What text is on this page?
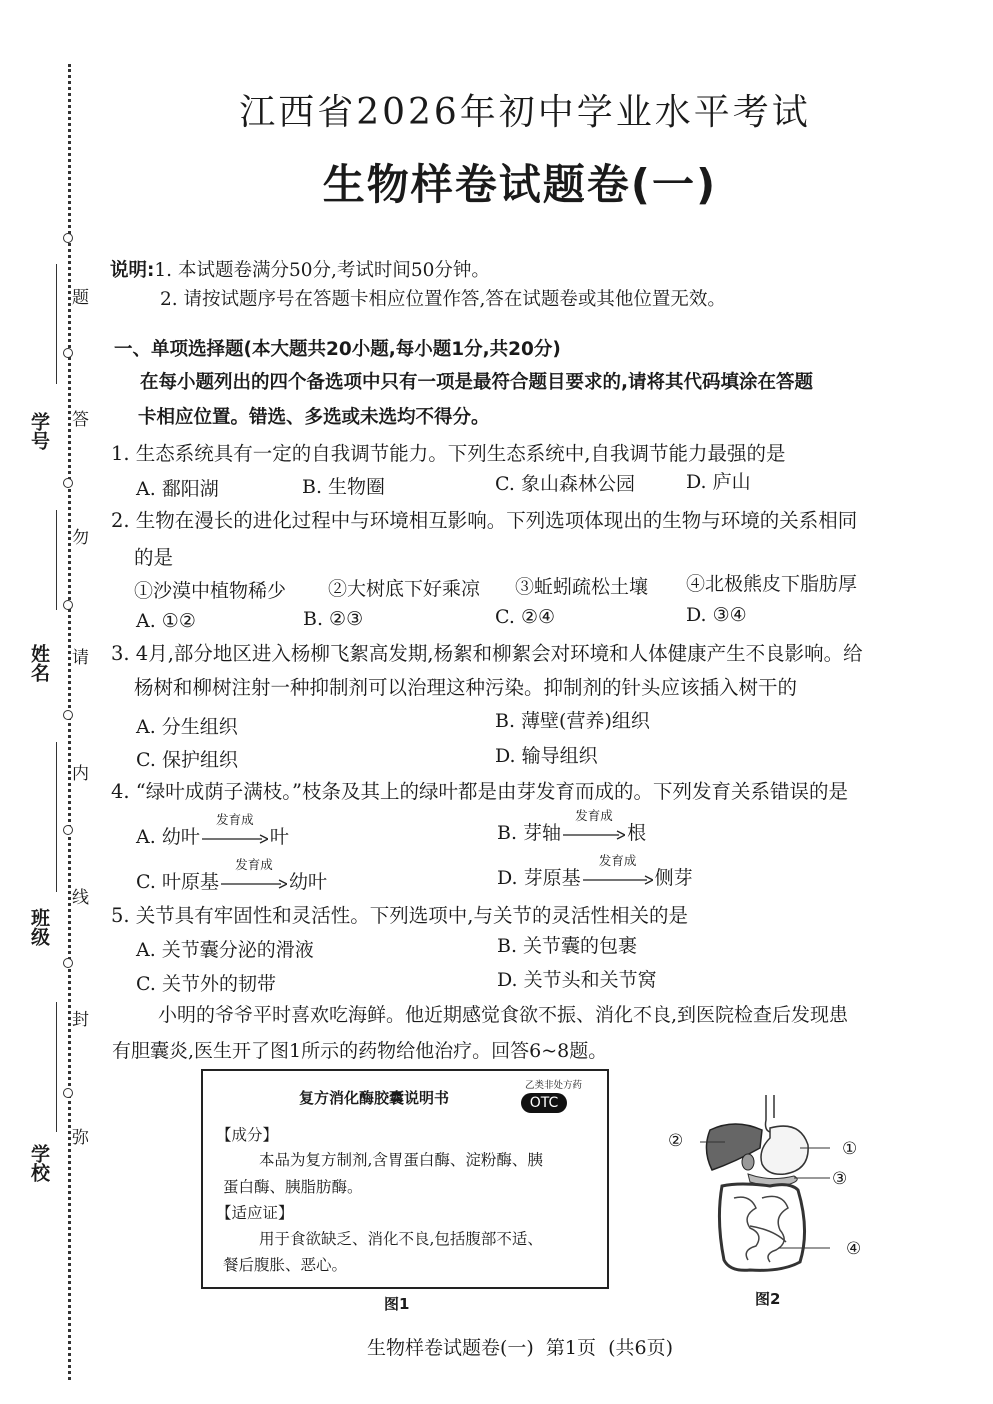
题
答
勿
请
内
线
封
弥
学号
姓名
班级
学校
江西省2026年初中学业水平考试
生物样卷试题卷(一)
说明:1. 本试题卷满分50分,考试时间50分钟。
2. 请按试题序号在答题卡相应位置作答,答在试题卷或其他位置无效。
一、单项选择题(本大题共20小题,每小题1分,共20分)
在每小题列出的四个备选项中只有一项是最符合题目要求的,请将其代码填涂在答题
卡相应位置。错选、多选或未选均不得分。
1. 生态系统具有一定的自我调节能力。下列生态系统中,自我调节能力最强的是
A. 鄱阳湖	B. 生物圈	C. 象山森林公园	D. 庐山
2. 生物在漫长的进化过程中与环境相互影响。下列选项体现出的生物与环境的关系相同
的是
①沙漠中植物稀少 ②大树底下好乘凉 ③蚯蚓疏松土壤 ④北极熊皮下脂肪厚
A. ①②	B. ②③	C. ②④	D. ③④
3. 4月,部分地区进入杨柳飞絮高发期,杨絮和柳絮会对环境和人体健康产生不良影响。给
杨树和柳树注射一种抑制剂可以治理这种污染。抑制剂的针头应该插入树干的
A. 分生组织	B. 薄壁(营养)组织
C. 保护组织	D. 输导组织
4. “绿叶成荫子满枝。”枝条及其上的绿叶都是由芽发育而成的。下列发育关系错误的是
A. 幼叶
发育成
叶	B. 芽轴
发育成
根
C. 叶原基
发育成
幼叶	D. 芽原基
发育成
侧芽
5. 关节具有牢固性和灵活性。下列选项中,与关节的灵活性相关的是
A. 关节囊分泌的滑液	B. 关节囊的包裹
C. 关节外的韧带	D. 关节头和关节窝
小明的爷爷平时喜欢吃海鲜。他近期感觉食欲不振、消化不良,到医院检查后发现患
有胆囊炎,医生开了图1所示的药物给他治疗。回答6~8题。
复方消化酶胶囊说明书
乙类非处方药
OTC
【成分】
本品为复方制剂,含胃蛋白酶、淀粉酶、胰
蛋白酶、胰脂肪酶。
【适应证】
用于食欲缺乏、消化不良,包括腹部不适、
餐后腹胀、恶心。
图1
②	①
③
④
图2
生物样卷试题卷(一)  第1页  (共6页)
